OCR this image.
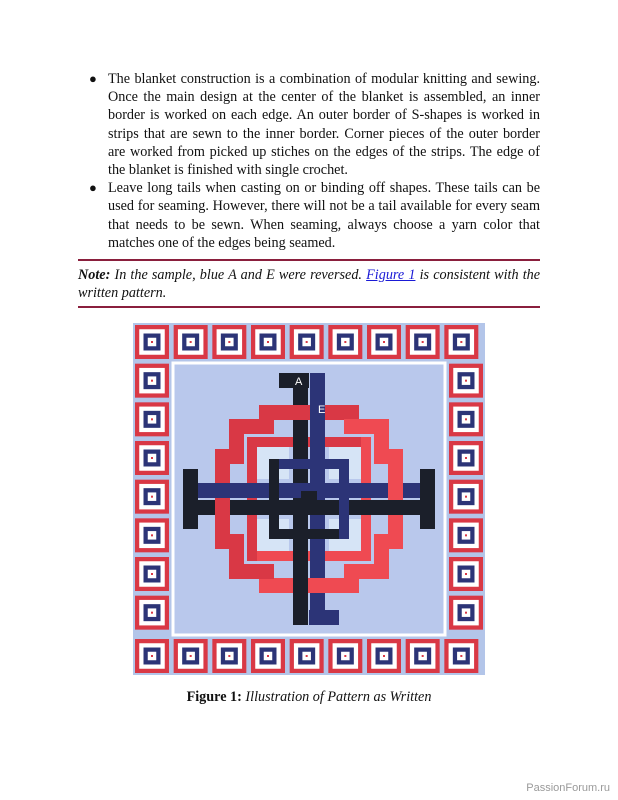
● The blanket construction is a combination of modular knitting and sewing. Once the main design at the center of the blanket is assembled, an inner border is worked on each edge. An outer border of S-shapes is worked in strips that are sewn to the inner border. Corner pieces of the outer border are worked from picked up stiches on the edges of the strips. The edge of the blanket is finished with single crochet.
● Leave long tails when casting on or binding off shapes. These tails can be used for seaming. However, there will not be a tail available for every seam that needs to be sewn. When seaming, always choose a yarn color that matches one of the edges being seamed.
Note: In the sample, blue A and E were reversed. Figure 1 is consistent with the written pattern.
A
E
Figure 1: Illustration of Pattern as Written
PassionForum.ru
